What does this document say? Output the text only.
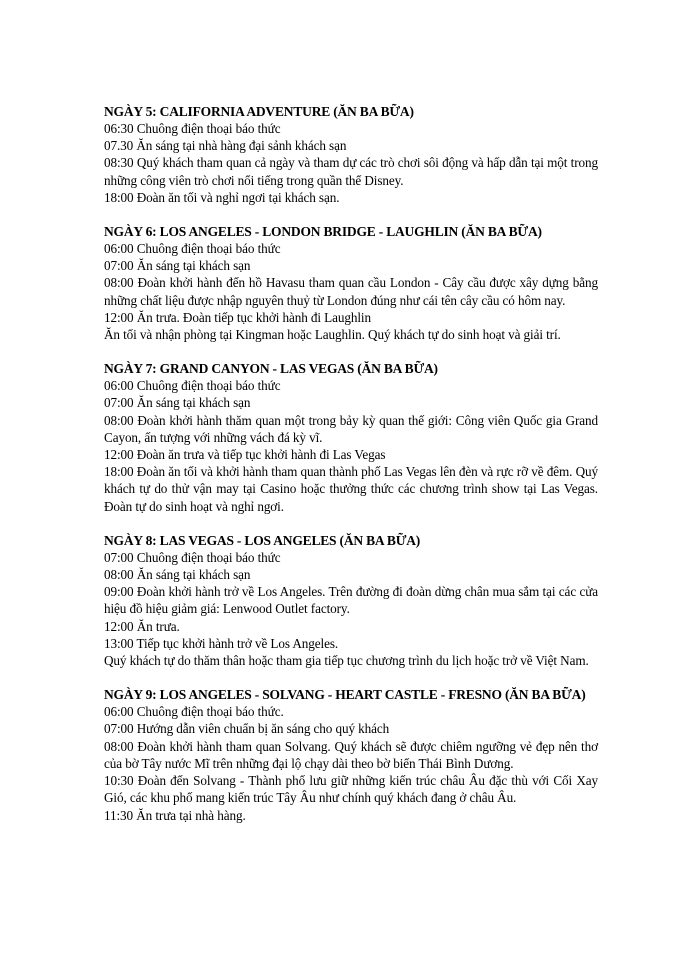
NGÀY 5: CALIFORNIA ADVENTURE (ĂN BA BỮA)

06:30 Chuông điện thoại báo thức

07.30 Ăn sáng tại nhà hàng đại sảnh khách sạn

08:30 Quý khách tham quan cả ngày và tham dự các trò chơi sôi động và hấp dẫn tại một trong những công viên trò chơi nổi tiếng trong quần thể Disney.

18:00 Đoàn ăn tối và nghỉ ngơi tại khách sạn.

NGÀY 6: LOS ANGELES - LONDON BRIDGE - LAUGHLIN (ĂN BA BỮA)

06:00 Chuông điện thoại báo thức

07:00 Ăn sáng tại khách sạn

08:00 Đoàn khởi hành đến hồ Havasu tham quan cầu London - Cây cầu được xây dựng bằng những chất liệu được nhập nguyên thuỷ từ London đúng như cái tên cây cầu có hôm nay.

12:00 Ăn trưa. Đoàn tiếp tục khởi hành đi Laughlin

Ăn tối và nhận phòng tại Kingman hoặc Laughlin. Quý khách tự do sinh hoạt và giải trí.

NGÀY 7: GRAND CANYON - LAS VEGAS (ĂN BA BỮA)

06:00 Chuông điện thoại báo thức

07:00 Ăn sáng tại khách sạn

08:00 Đoàn khởi hành thăm quan một trong bảy kỳ quan thế giới: Công viên Quốc gia Grand Cayon, ấn tượng với những vách đá kỳ vĩ.

12:00 Đoàn ăn trưa và tiếp tục khởi hành đi Las Vegas

18:00 Đoàn ăn tối và khởi hành tham quan thành phố Las Vegas lên đèn và rực rỡ về đêm. Quý khách tự do thử vận may tại Casino hoặc thưởng thức các chương trình show tại Las Vegas. Đoàn tự do sinh hoạt và nghỉ ngơi.

NGÀY 8: LAS VEGAS - LOS ANGELES (ĂN BA BỮA)

07:00 Chuông điện thoại báo thức

08:00 Ăn sáng tại khách sạn

09:00 Đoàn khởi hành trở về Los Angeles. Trên đường đi đoàn dừng chân mua sắm tại các cửa hiệu đồ hiệu giảm giá: Lenwood Outlet factory.

12:00 Ăn trưa.

13:00 Tiếp tục khởi hành trở về Los Angeles.

Quý khách tự do thăm thân hoặc tham gia tiếp tục chương trình du lịch hoặc trở về Việt Nam.

NGÀY 9: LOS ANGELES - SOLVANG - HEART CASTLE - FRESNO (ĂN BA BỮA)

06:00 Chuông điện thoại báo thức.

07:00 Hướng dẫn viên chuẩn bị ăn sáng cho quý khách

08:00 Đoàn khởi hành tham quan Solvang. Quý khách sẽ được chiêm ngưỡng vẻ đẹp nên thơ của bờ Tây nước Mĩ trên những đại lộ chạy dài theo bờ biển Thái Bình Dương.

10:30 Đoàn đến Solvang - Thành phố lưu giữ những kiến trúc châu Âu đặc thù với Cối Xay Gió, các khu phố mang kiến trúc Tây Âu như chính quý khách đang ở châu Âu.

11:30 Ăn trưa tại nhà hàng.
